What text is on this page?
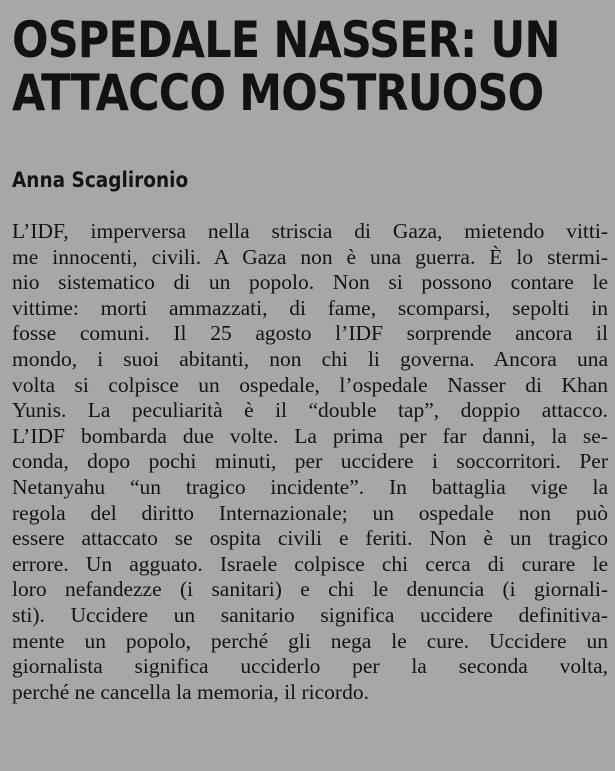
OSPEDALE NASSER: UN
ATTACCO MOSTRUOSO
Anna Scaglironio
L’IDF, imperversa nella striscia di Gaza, mietendo vitti-
me innocenti, civili. A Gaza non è una guerra. È lo stermi-
nio sistematico di un popolo. Non si possono contare le
vittime: morti ammazzati, di fame, scomparsi, sepolti in
fosse comuni. Il 25 agosto l’IDF sorprende ancora il
mondo, i suoi abitanti, non chi li governa. Ancora una
volta si colpisce un ospedale, l’ospedale Nasser di Khan
Yunis. La peculiarità è il “double tap”, doppio attacco.
L’IDF bombarda due volte. La prima per far danni, la se-
conda, dopo pochi minuti, per uccidere i soccorritori. Per
Netanyahu “un tragico incidente”. In battaglia vige la
regola del diritto Internazionale; un ospedale non può
essere attaccato se ospita civili e feriti. Non è un tragico
errore. Un agguato. Israele colpisce chi cerca di curare le
loro nefandezze (i sanitari) e chi le denuncia (i giornali-
sti). Uccidere un sanitario significa uccidere definitiva-
mente un popolo, perché gli nega le cure. Uccidere un
giornalista significa ucciderlo per la seconda volta,
perché ne cancella la memoria, il ricordo.
